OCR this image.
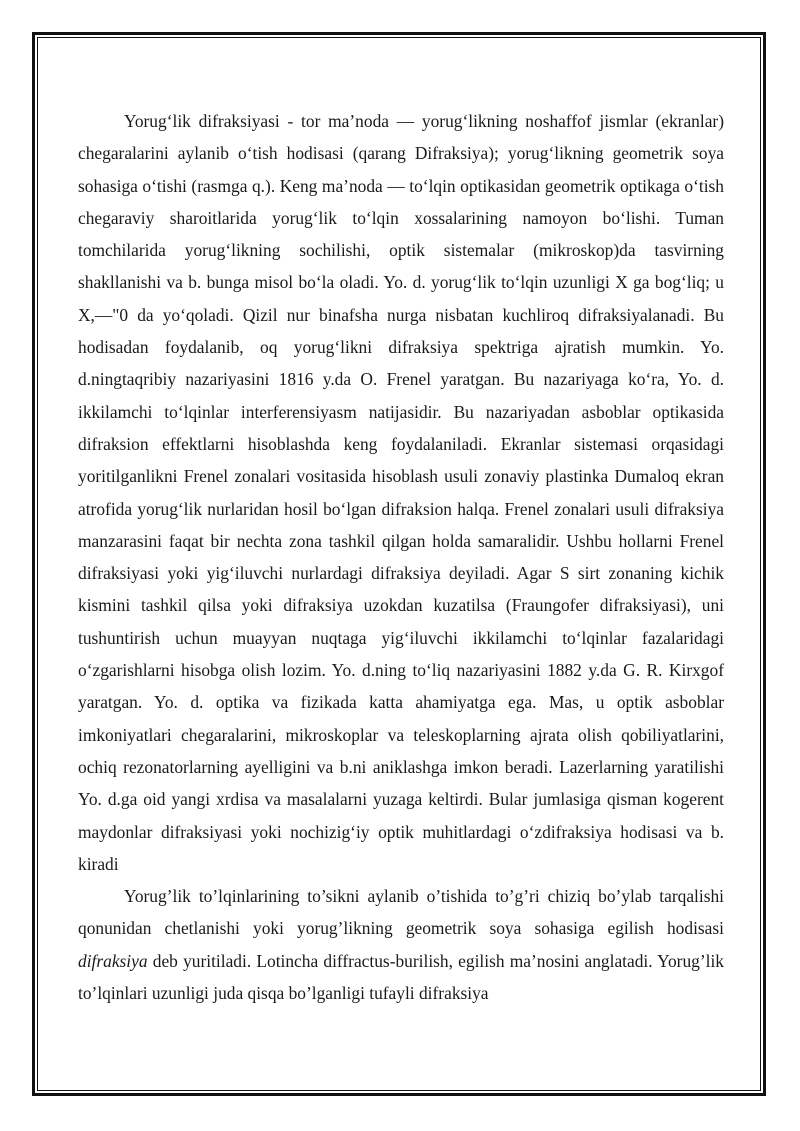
Yorug‘lik difraksiyasi - tor ma’noda — yorug‘likning noshaffof jismlar (ekranlar) chegaralarini aylanib o‘tish hodisasi (qarang Difraksiya); yorug‘likning geometrik soya sohasiga o‘tishi (rasmga q.). Keng ma’noda — to‘lqin optikasidan geometrik optikaga o‘tish chegaraviy sharoitlarida yorug‘lik to‘lqin xossalarining namoyon bo‘lishi. Tuman tomchilarida yorug‘likning sochilishi, optik sistemalar (mikroskop)da tasvirning shakllanishi va b. bunga misol bo‘la oladi. Yo. d. yorug‘lik to‘lqin uzunligi X ga bog‘liq; u X,—"0 da yo‘qoladi. Qizil nur binafsha nurga nisbatan kuchliroq difraksiyalanadi. Bu hodisadan foydalanib, oq yorug‘likni difraksiya spektriga ajratish mumkin. Yo. d.ningtaqribiy nazariyasini 1816 y.da O. Frenel yaratgan. Bu nazariyaga ko‘ra, Yo. d. ikkilamchi to‘lqinlar interferensiyasm natijasidir. Bu nazariyadan asboblar optikasida difraksion effektlarni hisoblashda keng foydalaniladi. Ekranlar sistemasi orqasidagi yoritilganlikni Frenel zonalari vositasida hisoblash usuli zonaviy plastinka Dumaloq ekran atrofida yorug‘lik nurlaridan hosil bo‘lgan difraksion halqa. Frenel zonalari usuli difraksiya manzarasini faqat bir nechta zona tashkil qilgan holda samaralidir. Ushbu hollarni Frenel difraksiyasi yoki yig‘iluvchi nurlardagi difraksiya deyiladi. Agar S sirt zonaning kichik kismini tashkil qilsa yoki difraksiya uzokdan kuzatilsa (Fraungofer difraksiyasi), uni tushuntirish uchun muayyan nuqtaga yig‘iluvchi ikkilamchi to‘lqinlar fazalaridagi o‘zgarishlarni hisobga olish lozim. Yo. d.ning to‘liq nazariyasini 1882 y.da G. R. Kirxgof yaratgan. Yo. d. optika va fizikada katta ahamiyatga ega. Mas, u optik asboblar imkoniyatlari chegaralarini, mikroskoplar va teleskoplarning ajrata olish qobiliyatlarini, ochiq rezonatorlarning ayelligini va b.ni aniklashga imkon beradi. Lazerlarning yaratilishi Yo. d.ga oid yangi xrdisa va masalalarni yuzaga keltirdi. Bular jumlasiga qisman kogerent maydonlar difraksiyasi yoki nochizig‘iy optik muhitlardagi o‘zdifraksiya hodisasi va b. kiradi

Yorug’lik to’lqinlarining to’sikni aylanib o’tishida to’g’ri chiziq bo’ylab tarqalishi qonunidan chetlanishi yoki yorug’likning geometrik soya sohasiga egilish hodisasi difraksiya deb yuritiladi. Lotincha diffractus-burilish, egilish ma’nosini anglatadi. Yorug’lik to’lqinlari uzunligi juda qisqa bo’lganligi tufayli difraksiya
